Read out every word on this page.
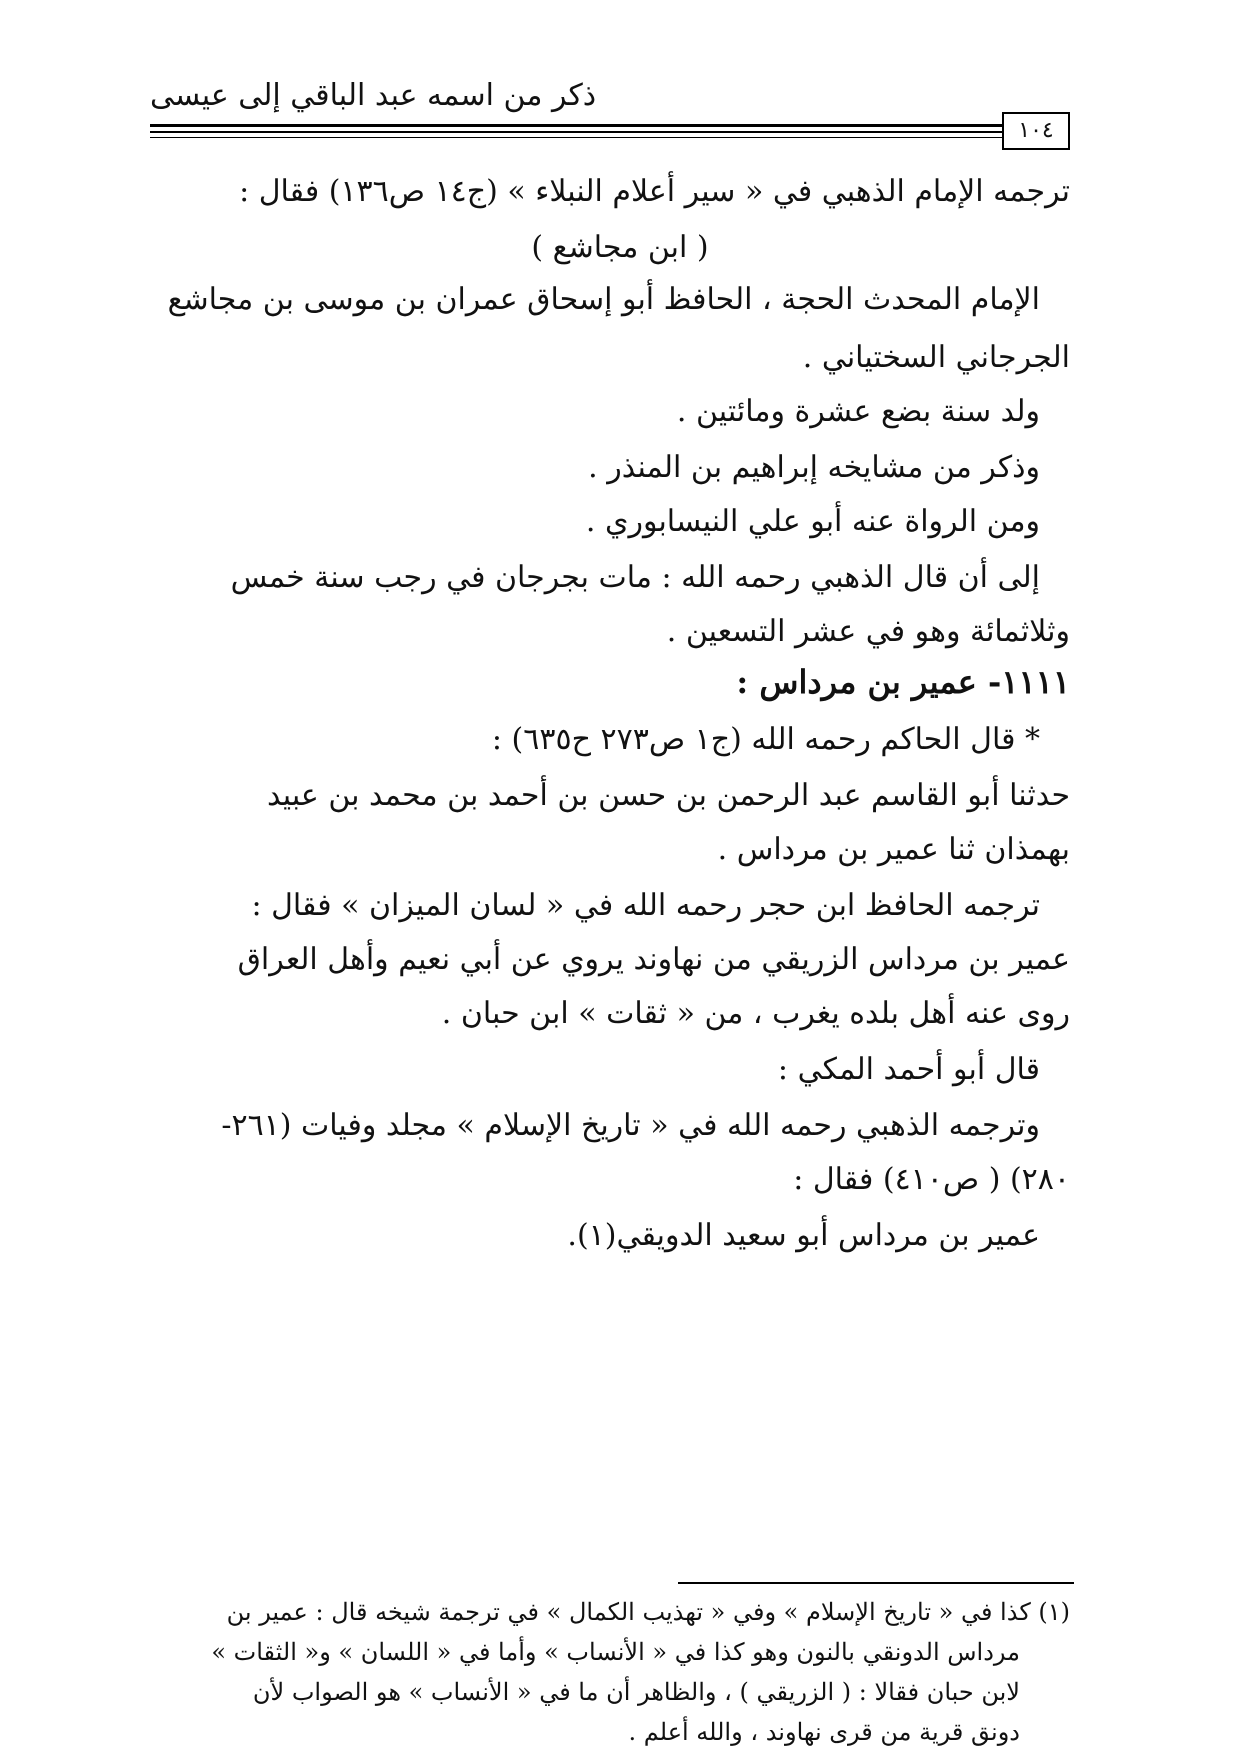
ذكر من اسمه عبد الباقي إلى عيسى
١٠٤
ترجمه الإمام الذهبي في « سير أعلام النبلاء » (ج١٤ ص١٣٦) فقال :
( ابن مجاشع )
الإمام المحدث الحجة ، الحافظ أبو إسحاق عمران بن موسى بن مجاشع
الجرجاني السختياني .
ولد سنة بضع عشرة ومائتين .
وذكر من مشايخه إبراهيم بن المنذر .
ومن الرواة عنه أبو علي النيسابوري .
إلى أن قال الذهبي رحمه الله : مات بجرجان في رجب سنة خمس
وثلاثمائة وهو في عشر التسعين .
١١١١- عمير بن مرداس :
* قال الحاكم رحمه الله (ج١ ص٢٧٣ ح٦٣٥) :
حدثنا أبو القاسم عبد الرحمن بن حسن بن أحمد بن محمد بن عبيد
بهمذان ثنا عمير بن مرداس .
ترجمه الحافظ ابن حجر رحمه الله في « لسان الميزان » فقال :
عمير بن مرداس الزريقي من نهاوند يروي عن أبي نعيم وأهل العراق
روى عنه أهل بلده يغرب ، من « ثقات » ابن حبان .
قال أبو أحمد المكي :
وترجمه الذهبي رحمه الله في « تاريخ الإسلام » مجلد وفيات (٢٦١-
٢٨٠) ( ص٤١٠) فقال :
عمير بن مرداس أبو سعيد الدويقي(١).
(١) كذا في « تاريخ الإسلام » وفي « تهذيب الكمال » في ترجمة شيخه قال : عمير بن
مرداس الدونقي بالنون وهو كذا في « الأنساب » وأما في « اللسان » و« الثقات »
لابن حبان فقالا : ( الزريقي ) ، والظاهر أن ما في « الأنساب » هو الصواب لأن
دونق قرية من قرى نهاوند ، والله أعلم .
